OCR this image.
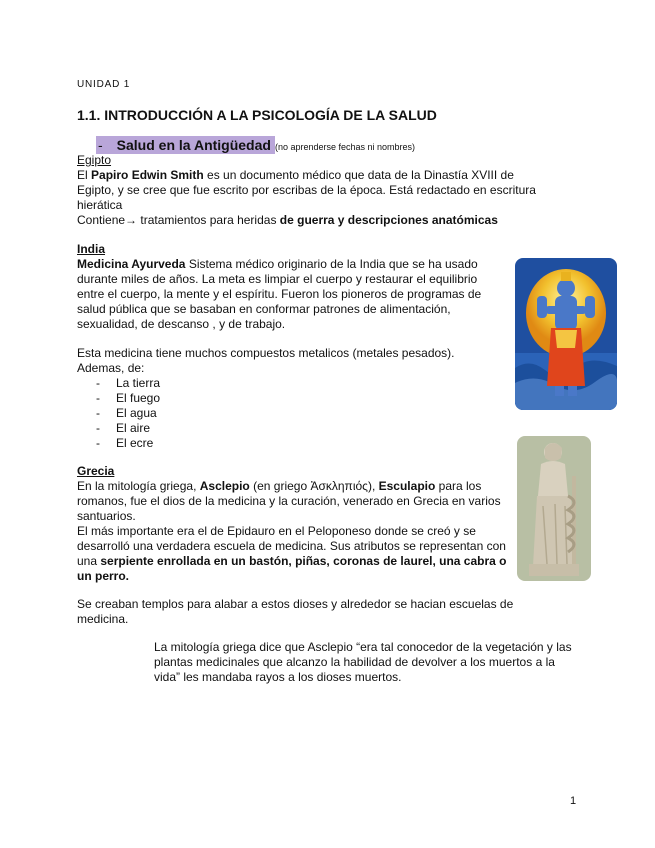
UNIDAD 1
1.1. INTRODUCCIÓN A LA PSICOLOGÍA DE LA SALUD
- Salud en la Antigüedad (no aprenderse fechas ni nombres)
Egipto

El Papiro Edwin Smith es un documento médico que data de la Dinastía XVIII de Egipto, y se cree que fue escrito por escribas de la época. Está redactado en escritura hierática

Contiene→ tratamientos para heridas de guerra y descripciones anatómicas

India

Medicina Ayurveda Sistema médico originario de la India que se ha usado durante miles de años. La meta es limpiar el cuerpo y restaurar el equilibrio entre el cuerpo, la mente y el espíritu. Fueron los pioneros de programas de salud pública que se basaban en conformar patrones de alimentación, sexualidad, de descanso , y de trabajo.

Esta medicina tiene muchos compuestos metalicos (metales pesados).

Ademas, de:

- La tierra
- El fuego
- El agua
- El aire
- El ecre
Grecia

En la mitología griega, Asclepio (en griego Ἀσκληπιός), Esculapio para los romanos, fue el dios de la medicina y la curación, venerado en Grecia en varios santuarios.

El más importante era el de Epidauro en el Peloponeso donde se creó y se desarrolló una verdadera escuela de medicina. Sus atributos se representan con una serpiente enrollada en un bastón, piñas, coronas de laurel, una cabra o un perro.

Se creaban templos para alabar a estos dioses y alrededor se hacian escuelas de medicina.

La mitología griega dice que Asclepio “era tal conocedor de la vegetación y las plantas medicinales que alcanzo la habilidad de devolver a los muertos a la vida” les mandaba rayos a los dioses muertos.

1
